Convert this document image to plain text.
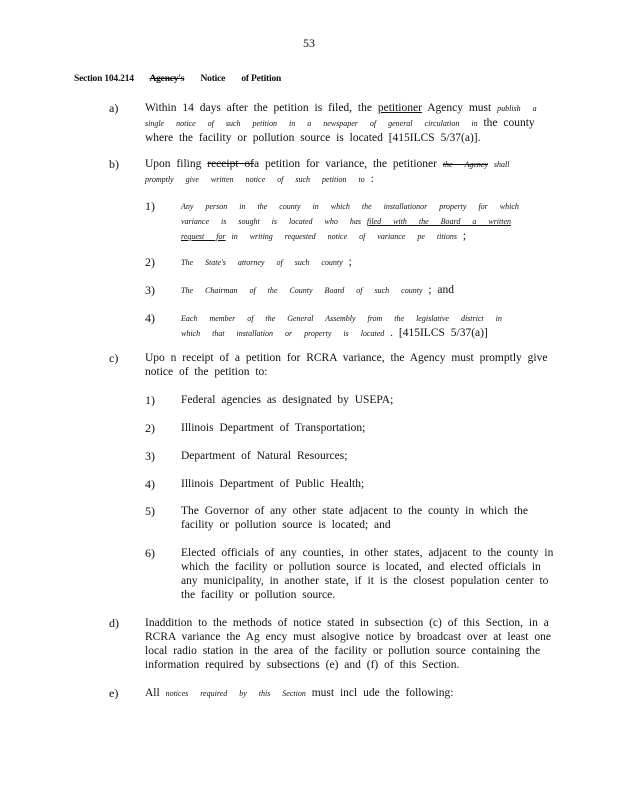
53
Section 104.214 Agency's Notice of Petition
a) Within 14 days after the petition is filed, the petitioner Agency must publish a
single notice of such petition in a newspaper of general circulation in the county
where the facility or pollution source is located [415ILCS 5/37(a)].
b) Upon filing receipt ofa petition for variance, the petitioner the Agency shall
promptly give written notice of such petition to :
1)	Any person in the county in which the installationor property for which
variance is sought is located who has filed with the Board a written
request for in writing requested notice of variance pe titions ;
2)	The State's attorney of such county ;
3)	The Chairman of the County Board of such county ; and
4)	Each member of the General Assembly from the legislative district in
which that installation or property is located . [415ILCS 5/37(a)]
c) Upo n receipt of a petition for RCRA variance, the Agency must promptly give
notice of the petition to:
1) Federal agencies as designated by USEPA;
2) Illinois Department of Transportation;
3) Department of Natural Resources;
4) Illinois Department of Public Health;
5) The Governor of any other state adjacent to the county in which the
facility or pollution source is located; and
6) Elected officials of any counties, in other states, adjacent to the county in
which the facility or pollution source is located, and elected officials in
any municipality, in another state, if it is the closest population center to
the facility or pollution source.
d) Inaddition to the methods of notice stated in subsection (c) of this Section, in a
RCRA variance the Ag ency must alsogive notice by broadcast over at least one
local radio station in the area of the facility or pollution source containing the
information required by subsections (e) and (f) of this Section.
e) All notices required by this Section must incl ude the following:
